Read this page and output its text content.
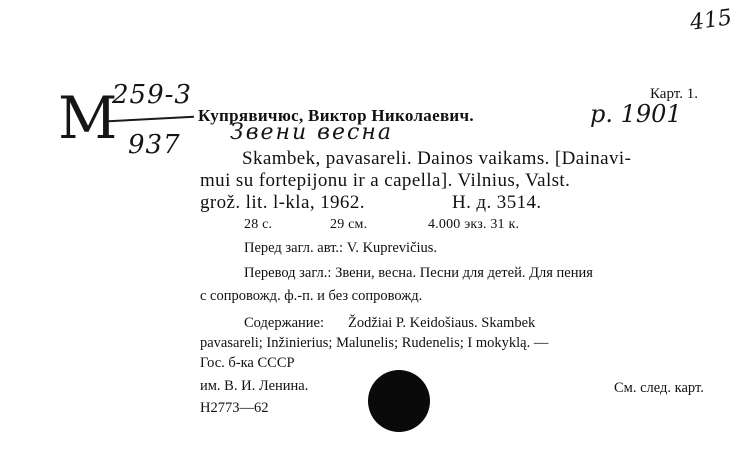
415
М
259-3
937
Карт. 1.
Купрявичюс, Виктор Николаевич.	р. 1901
Звени весна
Skambek, pavasareli. Dainos vaikams. [Dainavi-
mui su fortepijonu ir a capella]. Vilnius, Valst.
grož. lit. l-kla, 1962.	Н. д. 3514.
28 с.	29 см.	4.000 экз. 31 к.
Перед загл. авт.: V. Kuprevičius.
Перевод загл.: Звени, весна. Песни для детей. Для пения
с сопровожд. ф.-п. и без сопровожд.
Содержание: Žodžiai P. Keidošiaus. Skambek
pavasareli; Inžinierius; Malunelis; Rudenelis; I mokyklą. —
Гос. б-ка СССР
им. В. И. Ленина.
Н2773—62
См. след. карт.
